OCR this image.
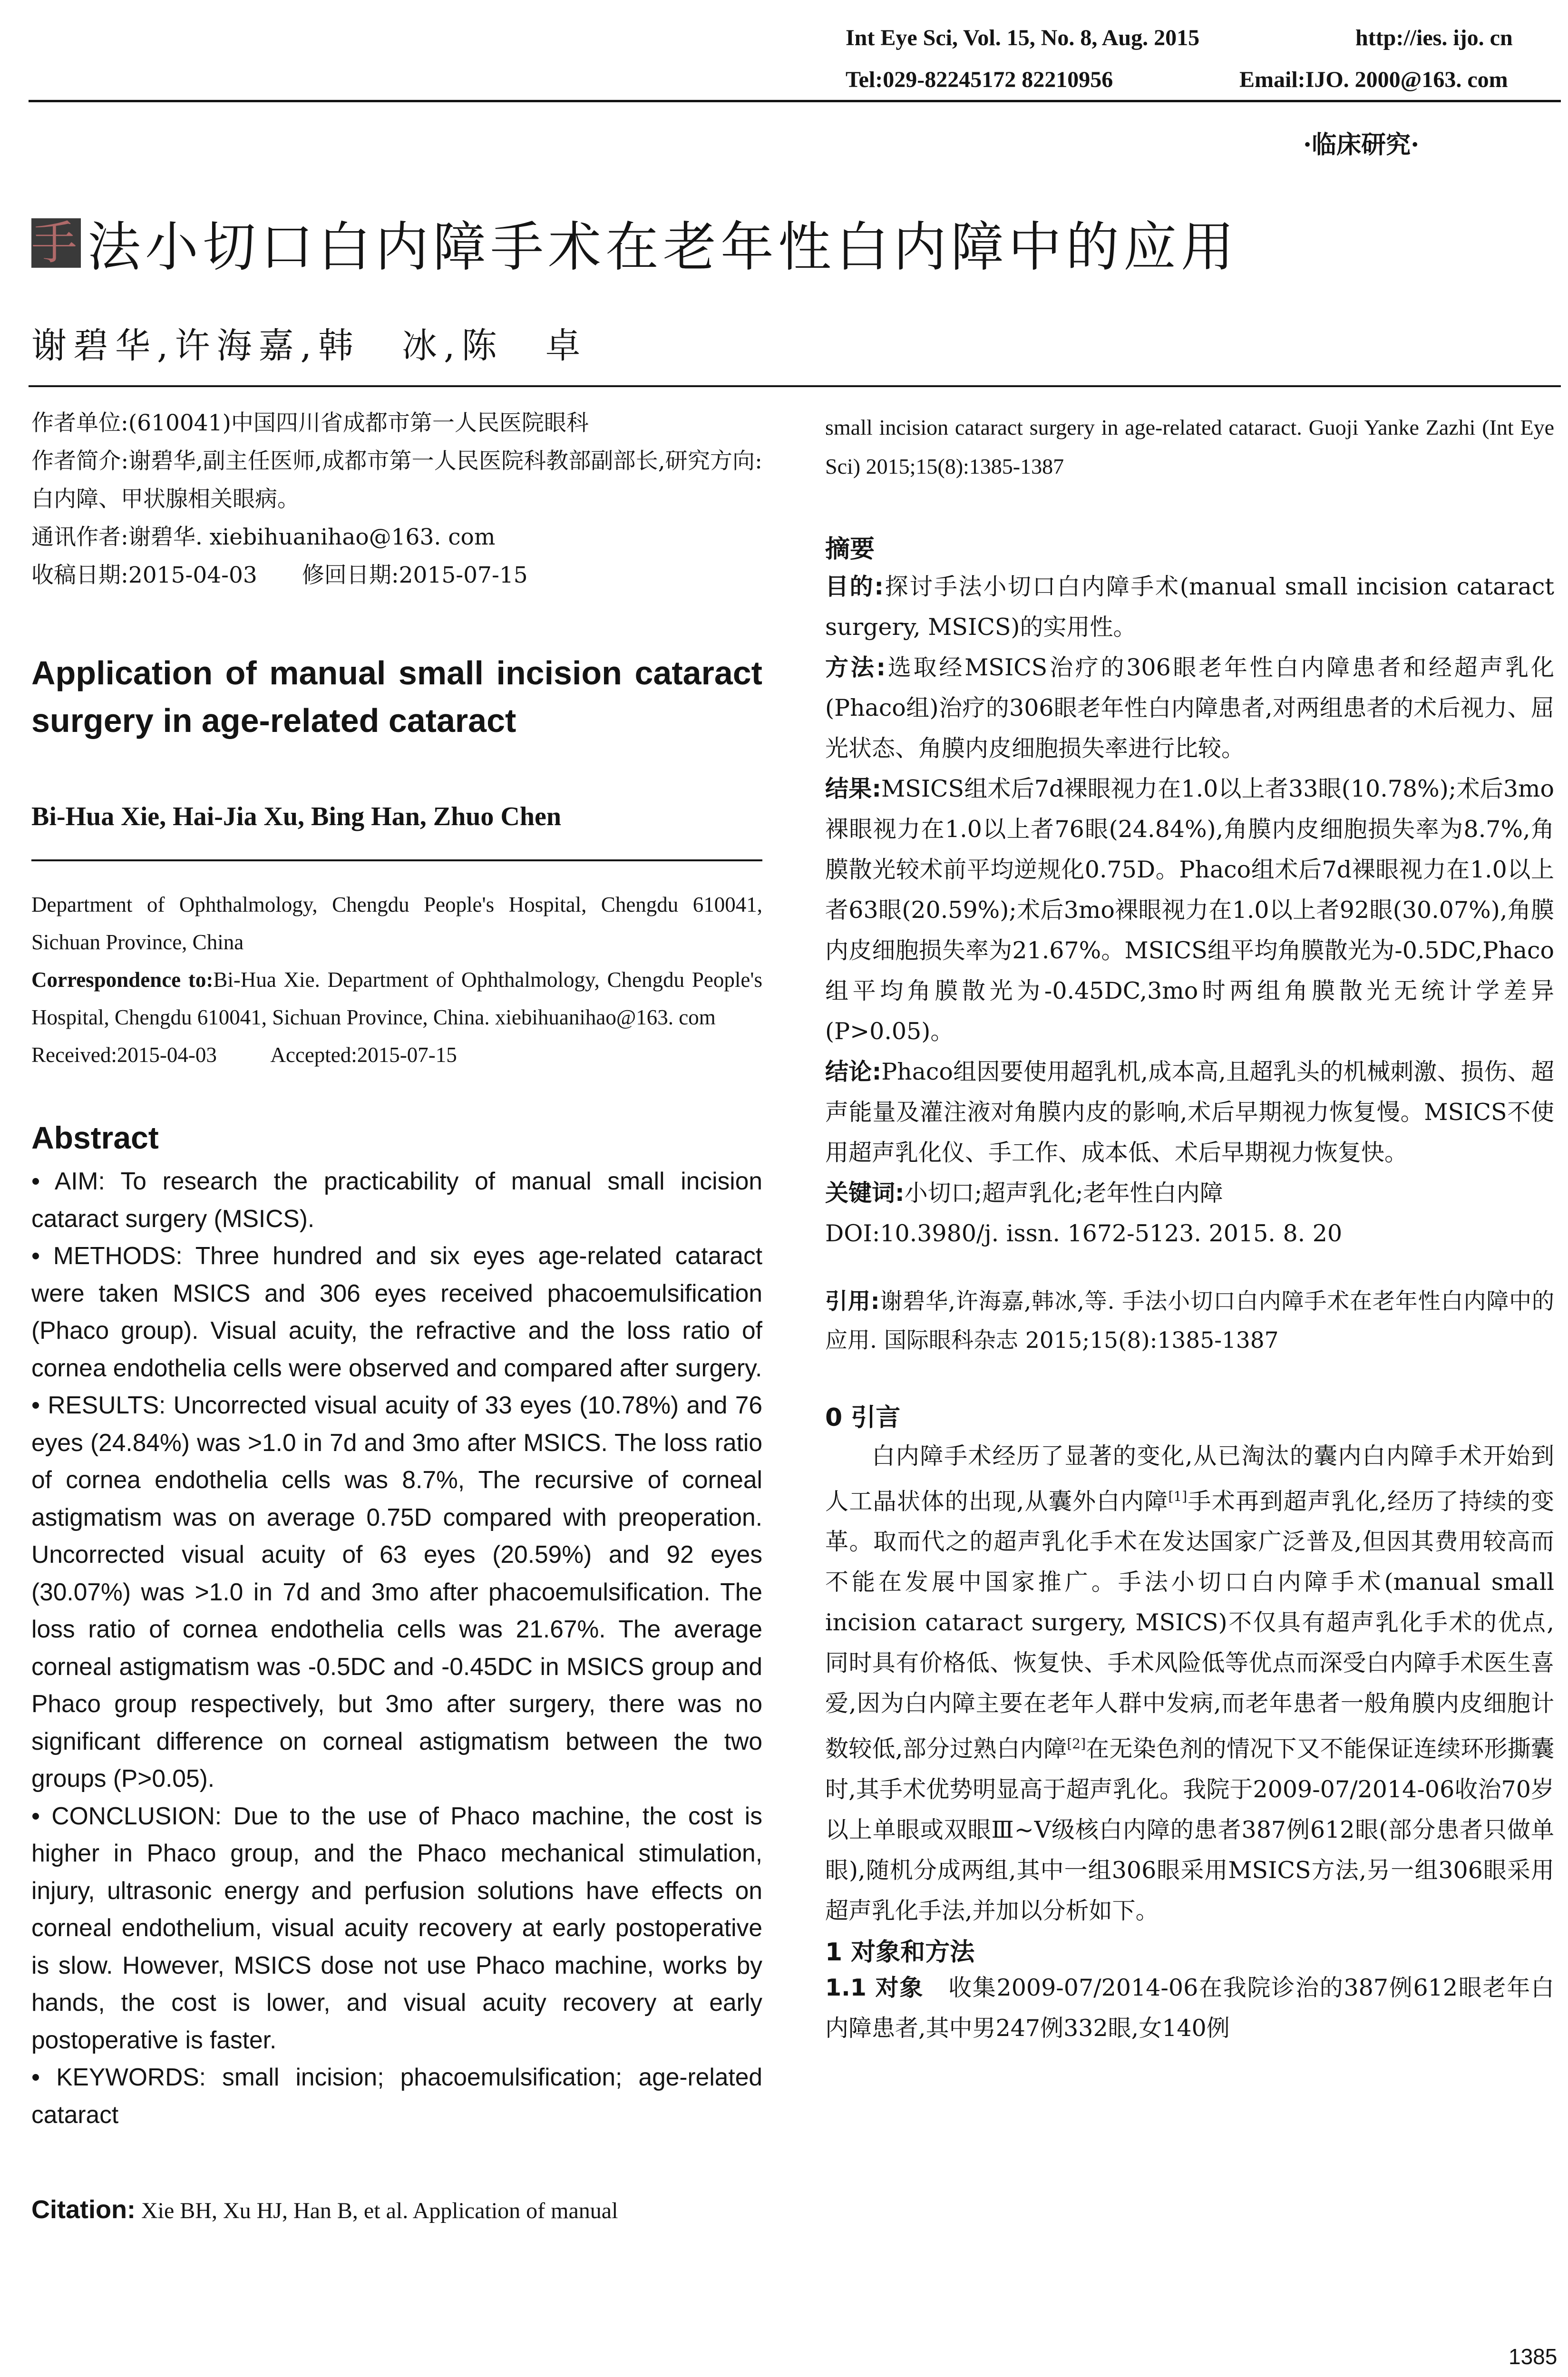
Int Eye Sci, Vol. 15, No. 8, Aug. 2015	http://ies. ijo. cn
Tel:029-82245172 82210956	Email:IJO. 2000@163. com
·临床研究·
手 法小切口白内障手术在老年性白内障中的应用
谢碧华,许海嘉,韩　冰,陈　卓

作者单位:(610041)中国四川省成都市第一人民医院眼科

作者简介:谢碧华,副主任医师,成都市第一人民医院科教部副部长,研究方向:白内障、甲状腺相关眼病。

通讯作者:谢碧华. xiebihuanihao@163. com

收稿日期:2015-04-03　　修回日期:2015-07-15

Application of manual small incision cataract surgery in age-related cataract
Bi-Hua Xie, Hai-Jia Xu, Bing Han, Zhuo Chen

Department of Ophthalmology, Chengdu People's Hospital, Chengdu 610041, Sichuan Province, China

Correspondence to:Bi-Hua Xie. Department of Ophthalmology, Chengdu People's Hospital, Chengdu 610041, Sichuan Province, China. xiebihuanihao@163. com

Received:2015-04-03	Accepted:2015-07-15

Abstract

• AIM: To research the practicability of manual small incision cataract surgery (MSICS).

• METHODS: Three hundred and six eyes age-related cataract were taken MSICS and 306 eyes received phacoemulsification (Phaco group). Visual acuity, the refractive and the loss ratio of cornea endothelia cells were observed and compared after surgery.

• RESULTS: Uncorrected visual acuity of 33 eyes (10.78%) and 76 eyes (24.84%) was >1.0 in 7d and 3mo after MSICS. The loss ratio of cornea endothelia cells was 8.7%, The recursive of corneal astigmatism was on average 0.75D compared with preoperation. Uncorrected visual acuity of 63 eyes (20.59%) and 92 eyes (30.07%) was >1.0 in 7d and 3mo after phacoemulsification. The loss ratio of cornea endothelia cells was 21.67%. The average corneal astigmatism was -0.5DC and -0.45DC in MSICS group and Phaco group respectively, but 3mo after surgery, there was no significant difference on corneal astigmatism between the two groups (P>0.05).

• CONCLUSION: Due to the use of Phaco machine, the cost is higher in Phaco group, and the Phaco mechanical stimulation, injury, ultrasonic energy and perfusion solutions have effects on corneal endothelium, visual acuity recovery at early postoperative is slow. However, MSICS dose not use Phaco machine, works by hands, the cost is lower, and visual acuity recovery at early postoperative is faster.

• KEYWORDS: small incision; phacoemulsification; age-related cataract

Citation: Xie BH, Xu HJ, Han B, et al. Application of manual
small incision cataract surgery in age-related cataract. Guoji Yanke Zazhi (Int Eye Sci) 2015;15(8):1385-1387
摘要

目的:探讨手法小切口白内障手术(manual small incision cataract surgery, MSICS)的实用性。

方法:选取经MSICS治疗的306眼老年性白内障患者和经超声乳化(Phaco组)治疗的306眼老年性白内障患者,对两组患者的术后视力、屈光状态、角膜内皮细胞损失率进行比较。

结果:MSICS组术后7d裸眼视力在1.0以上者33眼(10.78%);术后3mo裸眼视力在1.0以上者76眼(24.84%),角膜内皮细胞损失率为8.7%,角膜散光较术前平均逆规化0.75D。Phaco组术后7d裸眼视力在1.0以上者63眼(20.59%);术后3mo裸眼视力在1.0以上者92眼(30.07%),角膜内皮细胞损失率为21.67%。MSICS组平均角膜散光为-0.5DC,Phaco组平均角膜散光为-0.45DC,3mo时两组角膜散光无统计学差异(P>0.05)。

结论:Phaco组因要使用超乳机,成本高,且超乳头的机械刺激、损伤、超声能量及灌注液对角膜内皮的影响,术后早期视力恢复慢。MSICS不使用超声乳化仪、手工作、成本低、术后早期视力恢复快。

关键词:小切口;超声乳化;老年性白内障

DOI:10.3980/j. issn. 1672-5123. 2015. 8. 20

引用:谢碧华,许海嘉,韩冰,等. 手法小切口白内障手术在老年性白内障中的应用. 国际眼科杂志 2015;15(8):1385-1387
0 引言

白内障手术经历了显著的变化,从已淘汰的囊内白内障手术开始到人工晶状体的出现,从囊外白内障[1]手术再到超声乳化,经历了持续的变革。取而代之的超声乳化手术在发达国家广泛普及,但因其费用较高而不能在发展中国家推广。手法小切口白内障手术(manual small incision cataract surgery, MSICS)不仅具有超声乳化手术的优点,同时具有价格低、恢复快、手术风险低等优点而深受白内障手术医生喜爱,因为白内障主要在老年人群中发病,而老年患者一般角膜内皮细胞计数较低,部分过熟白内障[2]在无染色剂的情况下又不能保证连续环形撕囊时,其手术优势明显高于超声乳化。我院于2009-07/2014-06收治70岁以上单眼或双眼Ⅲ~Ⅴ级核白内障的患者387例612眼(部分患者只做单眼),随机分成两组,其中一组306眼采用MSICS方法,另一组306眼采用超声乳化手法,并加以分析如下。

1 对象和方法
1.1 对象 收集2009-07/2014-06在我院诊治的387例612眼老年白内障患者,其中男247例332眼,女140例
1385
